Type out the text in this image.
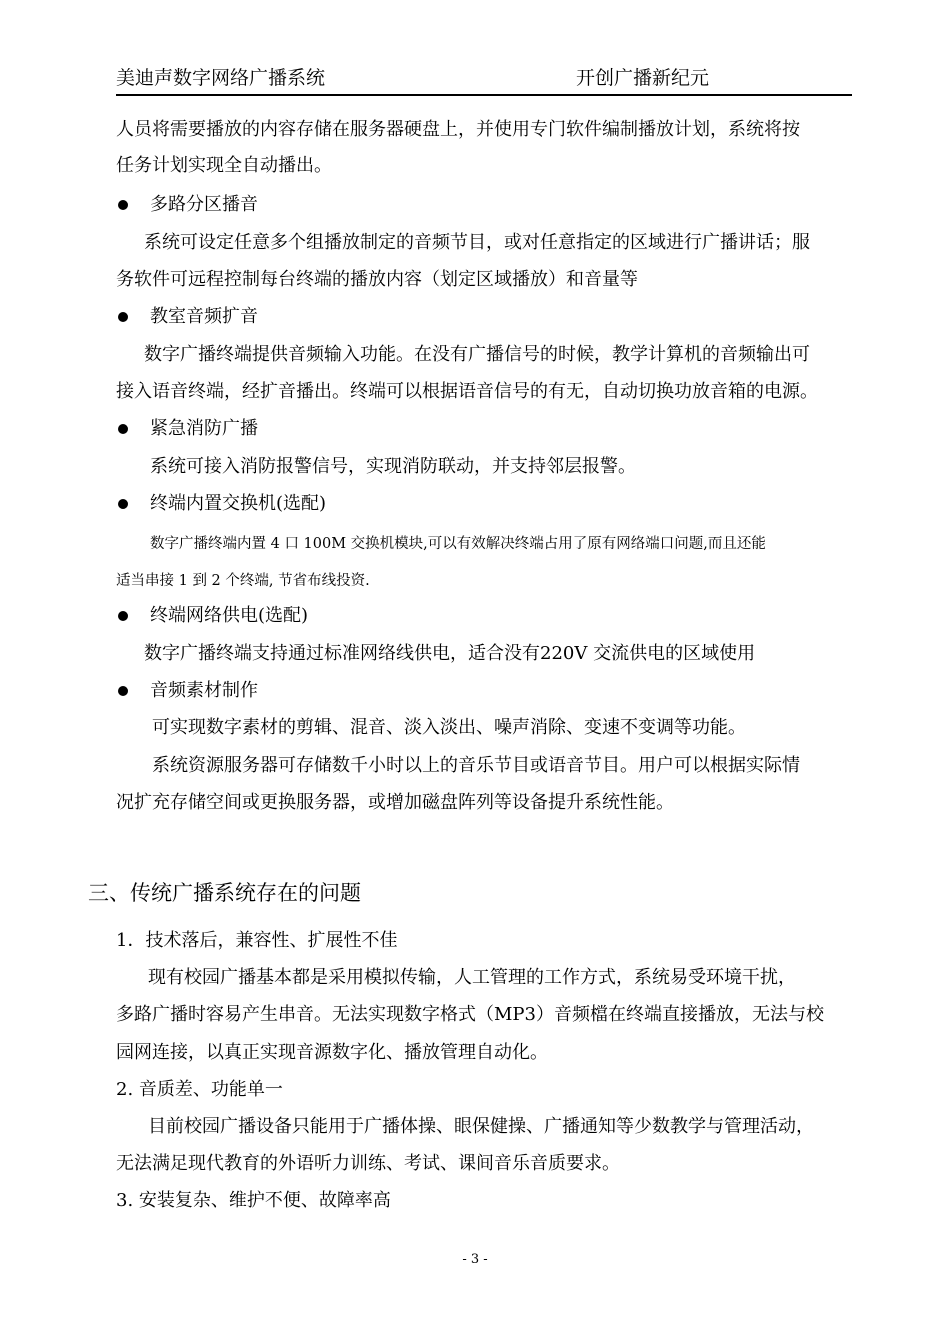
美迪声数字网络广播系统	开创广播新纪元
人员将需要播放的内容存储在服务器硬盘上，并使用专门软件编制播放计划，系统将按
任务计划实现全自动播出。
多路分区播音
系统可设定任意多个组播放制定的音频节目，或对任意指定的区域进行广播讲话；服
务软件可远程控制每台终端的播放内容（划定区域播放）和音量等
教室音频扩音
数字广播终端提供音频输入功能。在没有广播信号的时候，教学计算机的音频输出可
接入语音终端，经扩音播出。终端可以根据语音信号的有无，自动切换功放音箱的电源。
紧急消防广播
系统可接入消防报警信号，实现消防联动，并支持邻层报警。
终端内置交换机(选配)
数字广播终端内置 4 口 100M 交换机模块,可以有效解决终端占用了原有网络端口问题,而且还能
适当串接 1 到 2 个终端, 节省布线投资.
终端网络供电(选配)
数字广播终端支持通过标准网络线供电，适合没有220V 交流供电的区域使用
音频素材制作
可实现数字素材的剪辑、混音、淡入淡出、噪声消除、变速不变调等功能。
系统资源服务器可存储数千小时以上的音乐节目或语音节目。用户可以根据实际情
况扩充存储空间或更换服务器，或增加磁盘阵列等设备提升系统性能。
三、传统广播系统存在的问题
1．技术落后，兼容性、扩展性不佳
现有校园广播基本都是采用模拟传输，人工管理的工作方式，系统易受环境干扰，
多路广播时容易产生串音。无法实现数字格式（MP3）音频檔在终端直接播放，无法与校
园网连接，以真正实现音源数字化、播放管理自动化。
2. 音质差、功能单一
目前校园广播设备只能用于广播体操、眼保健操、广播通知等少数教学与管理活动，
无法满足现代教育的外语听力训练、考试、课间音乐音质要求。
3. 安装复杂、维护不便、故障率高
- 3 -
